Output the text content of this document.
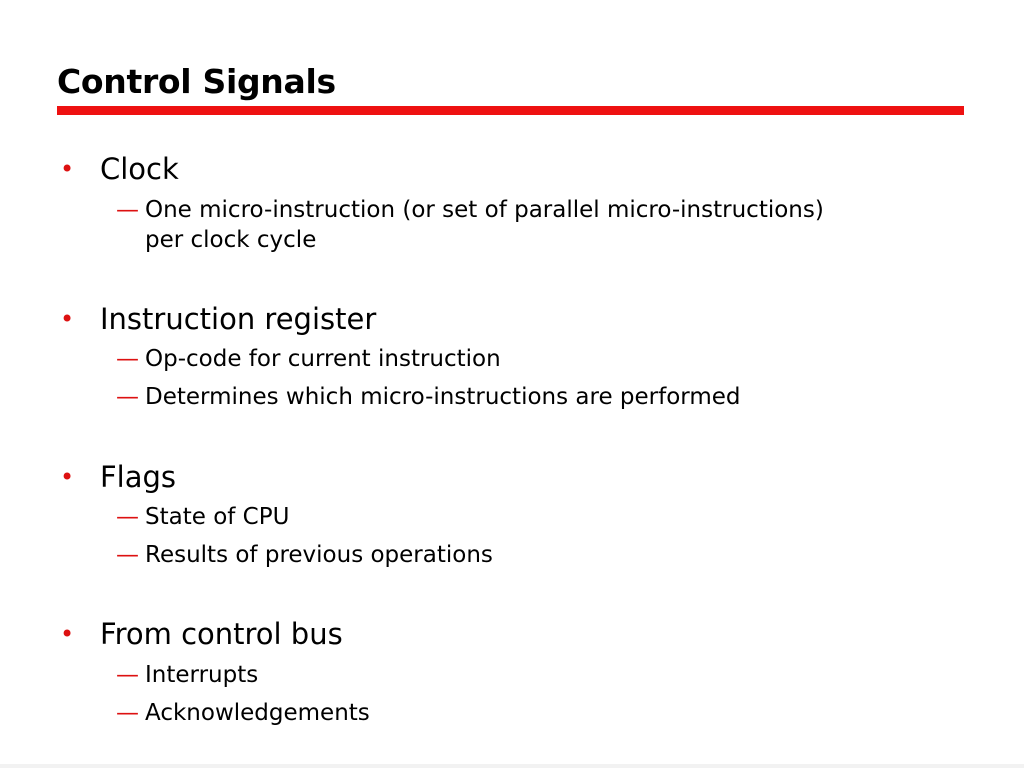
Control Signals
• Clock
— One micro-instruction (or set of parallel micro-instructions) per clock cycle
• Instruction register
— Op-code for current instruction
— Determines which micro-instructions are performed
• Flags
— State of CPU
— Results of previous operations
• From control bus
— Interrupts
— Acknowledgements
